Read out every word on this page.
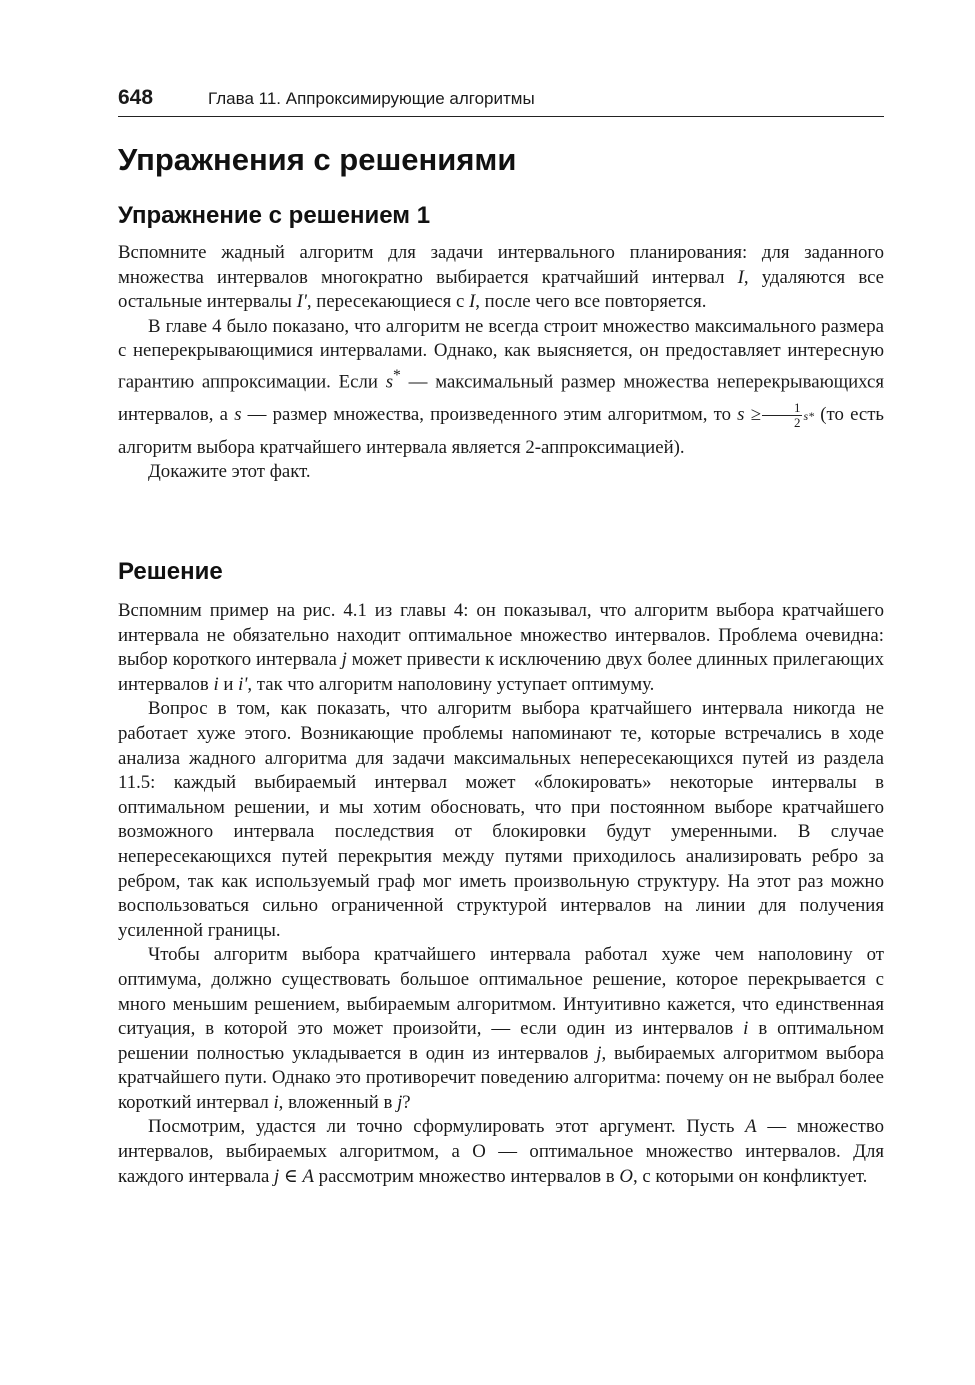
648	Глава 11. Аппроксимирующие алгоритмы
Упражнения с решениями
Упражнение с решением 1

Вспомните жадный алгоритм для задачи интервального планирования: для заданного множества интервалов многократно выбирается кратчайший интервал I, удаляются все остальные интервалы I', пересекающиеся с I, после чего все повторяется.

В главе 4 было показано, что алгоритм не всегда строит множество максимального размера с неперекрывающимися интервалами. Однако, как выясняется, он предоставляет интересную гарантию аппроксимации. Если s* — максимальный размер множества неперекрывающихся интервалов, а s — размер множества, произведенного этим алгоритмом, то $s \ge \frac{1}{2} s*$ (то есть алгоритм выбора кратчайшего интервала является 2-аппроксимацией).

Докажите этот факт.

Решение

Вспомним пример на рис. 4.1 из главы 4: он показывал, что алгоритм выбора кратчайшего интервала не обязательно находит оптимальное множество интервалов. Проблема очевидна: выбор короткого интервала j может привести к исключению двух более длинных прилегающих интервалов i и i', так что алгоритм наполовину уступает оптимуму.

Вопрос в том, как показать, что алгоритм выбора кратчайшего интервала никогда не работает хуже этого. Возникающие проблемы напоминают те, которые встречались в ходе анализа жадного алгоритма для задачи максимальных непересекающихся путей из раздела 11.5: каждый выбираемый интервал может «блокировать» некоторые интервалы в оптимальном решении, и мы хотим обосновать, что при постоянном выборе кратчайшего возможного интервала последствия от блокировки будут умеренными. В случае непересекающихся путей перекрытия между путями приходилось анализировать ребро за ребром, так как используемый граф мог иметь произвольную структуру. На этот раз можно воспользоваться сильно ограниченной структурой интервалов на линии для получения усиленной границы.

Чтобы алгоритм выбора кратчайшего интервала работал хуже чем наполовину от оптимума, должно существовать большое оптимальное решение, которое перекрывается с много меньшим решением, выбираемым алгоритмом. Интуитивно кажется, что единственная ситуация, в которой это может произойти, — если один из интервалов i в оптимальном решении полностью укладывается в один из интервалов j, выбираемых алгоритмом выбора кратчайшего пути. Однако это противоречит поведению алгоритма: почему он не выбрал более короткий интервал i, вложенный в j?

Посмотрим, удастся ли точно сформулировать этот аргумент. Пусть A — множество интервалов, выбираемых алгоритмом, а O — оптимальное множество интервалов. Для каждого интервала j ∈ A рассмотрим множество интервалов в O, с которыми он конфликтует.
